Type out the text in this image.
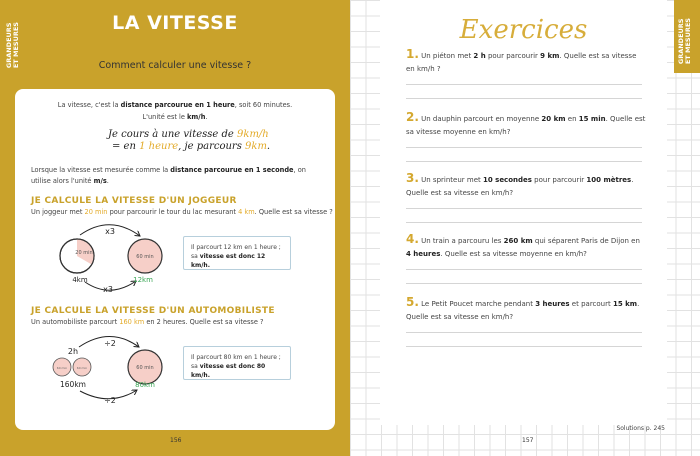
GRANDEURS
ET MESURES	LA VITESSE
Comment calculer une vitesse ?
La vitesse, c'est la distance parcourue en 1 heure, soit 60 minutes.
L'unité est le km/h.
Je cours à une vitesse de 9km/h
= en 1 heure, je parcours 9km.
Lorsque la vitesse est mesurée comme la distance parcourue en 1 seconde, on utilise alors l'unité m/s.
JE CALCULE LA VITESSE D'UN JOGGEUR
Un joggeur met 20 min pour parcourir le tour du lac mesurant 4 km. Quelle est sa vitesse ?
Il parcourt 12 km en 1 heure ; sa vitesse est donc 12 km/h.
JE CALCULE LA VITESSE D'UN AUTOMOBILISTE
Un automobiliste parcourt 160 km en 2 heures. Quelle est sa vitesse ?
Il parcourt 80 km en 1 heure ; sa vitesse est donc 80 km/h.
20 min
60 min
x3
x3
4km	12km
60 min	60 min	60 min
÷2
÷2
2h
160km	80km
156
Exercices
1. Un piéton met 2 h pour parcourir 9 km. Quelle est sa vitesse en km/h ?
2. Un dauphin parcourt en moyenne 20 km en 15 min. Quelle est sa vitesse moyenne en km/h?
3. Un sprinteur met 10 secondes pour parcourir 100 mètres. Quelle est sa vitesse en km/h?
4. Un train a parcouru les 260 km qui séparent Paris de Dijon en 4 heures. Quelle est sa vitesse moyenne en km/h?
5. Le Petit Poucet marche pendant 3 heures et parcourt 15 km. Quelle est sa vitesse en km/h?
Solutions p. 245
GRANDEURS
ET MESURES
157
